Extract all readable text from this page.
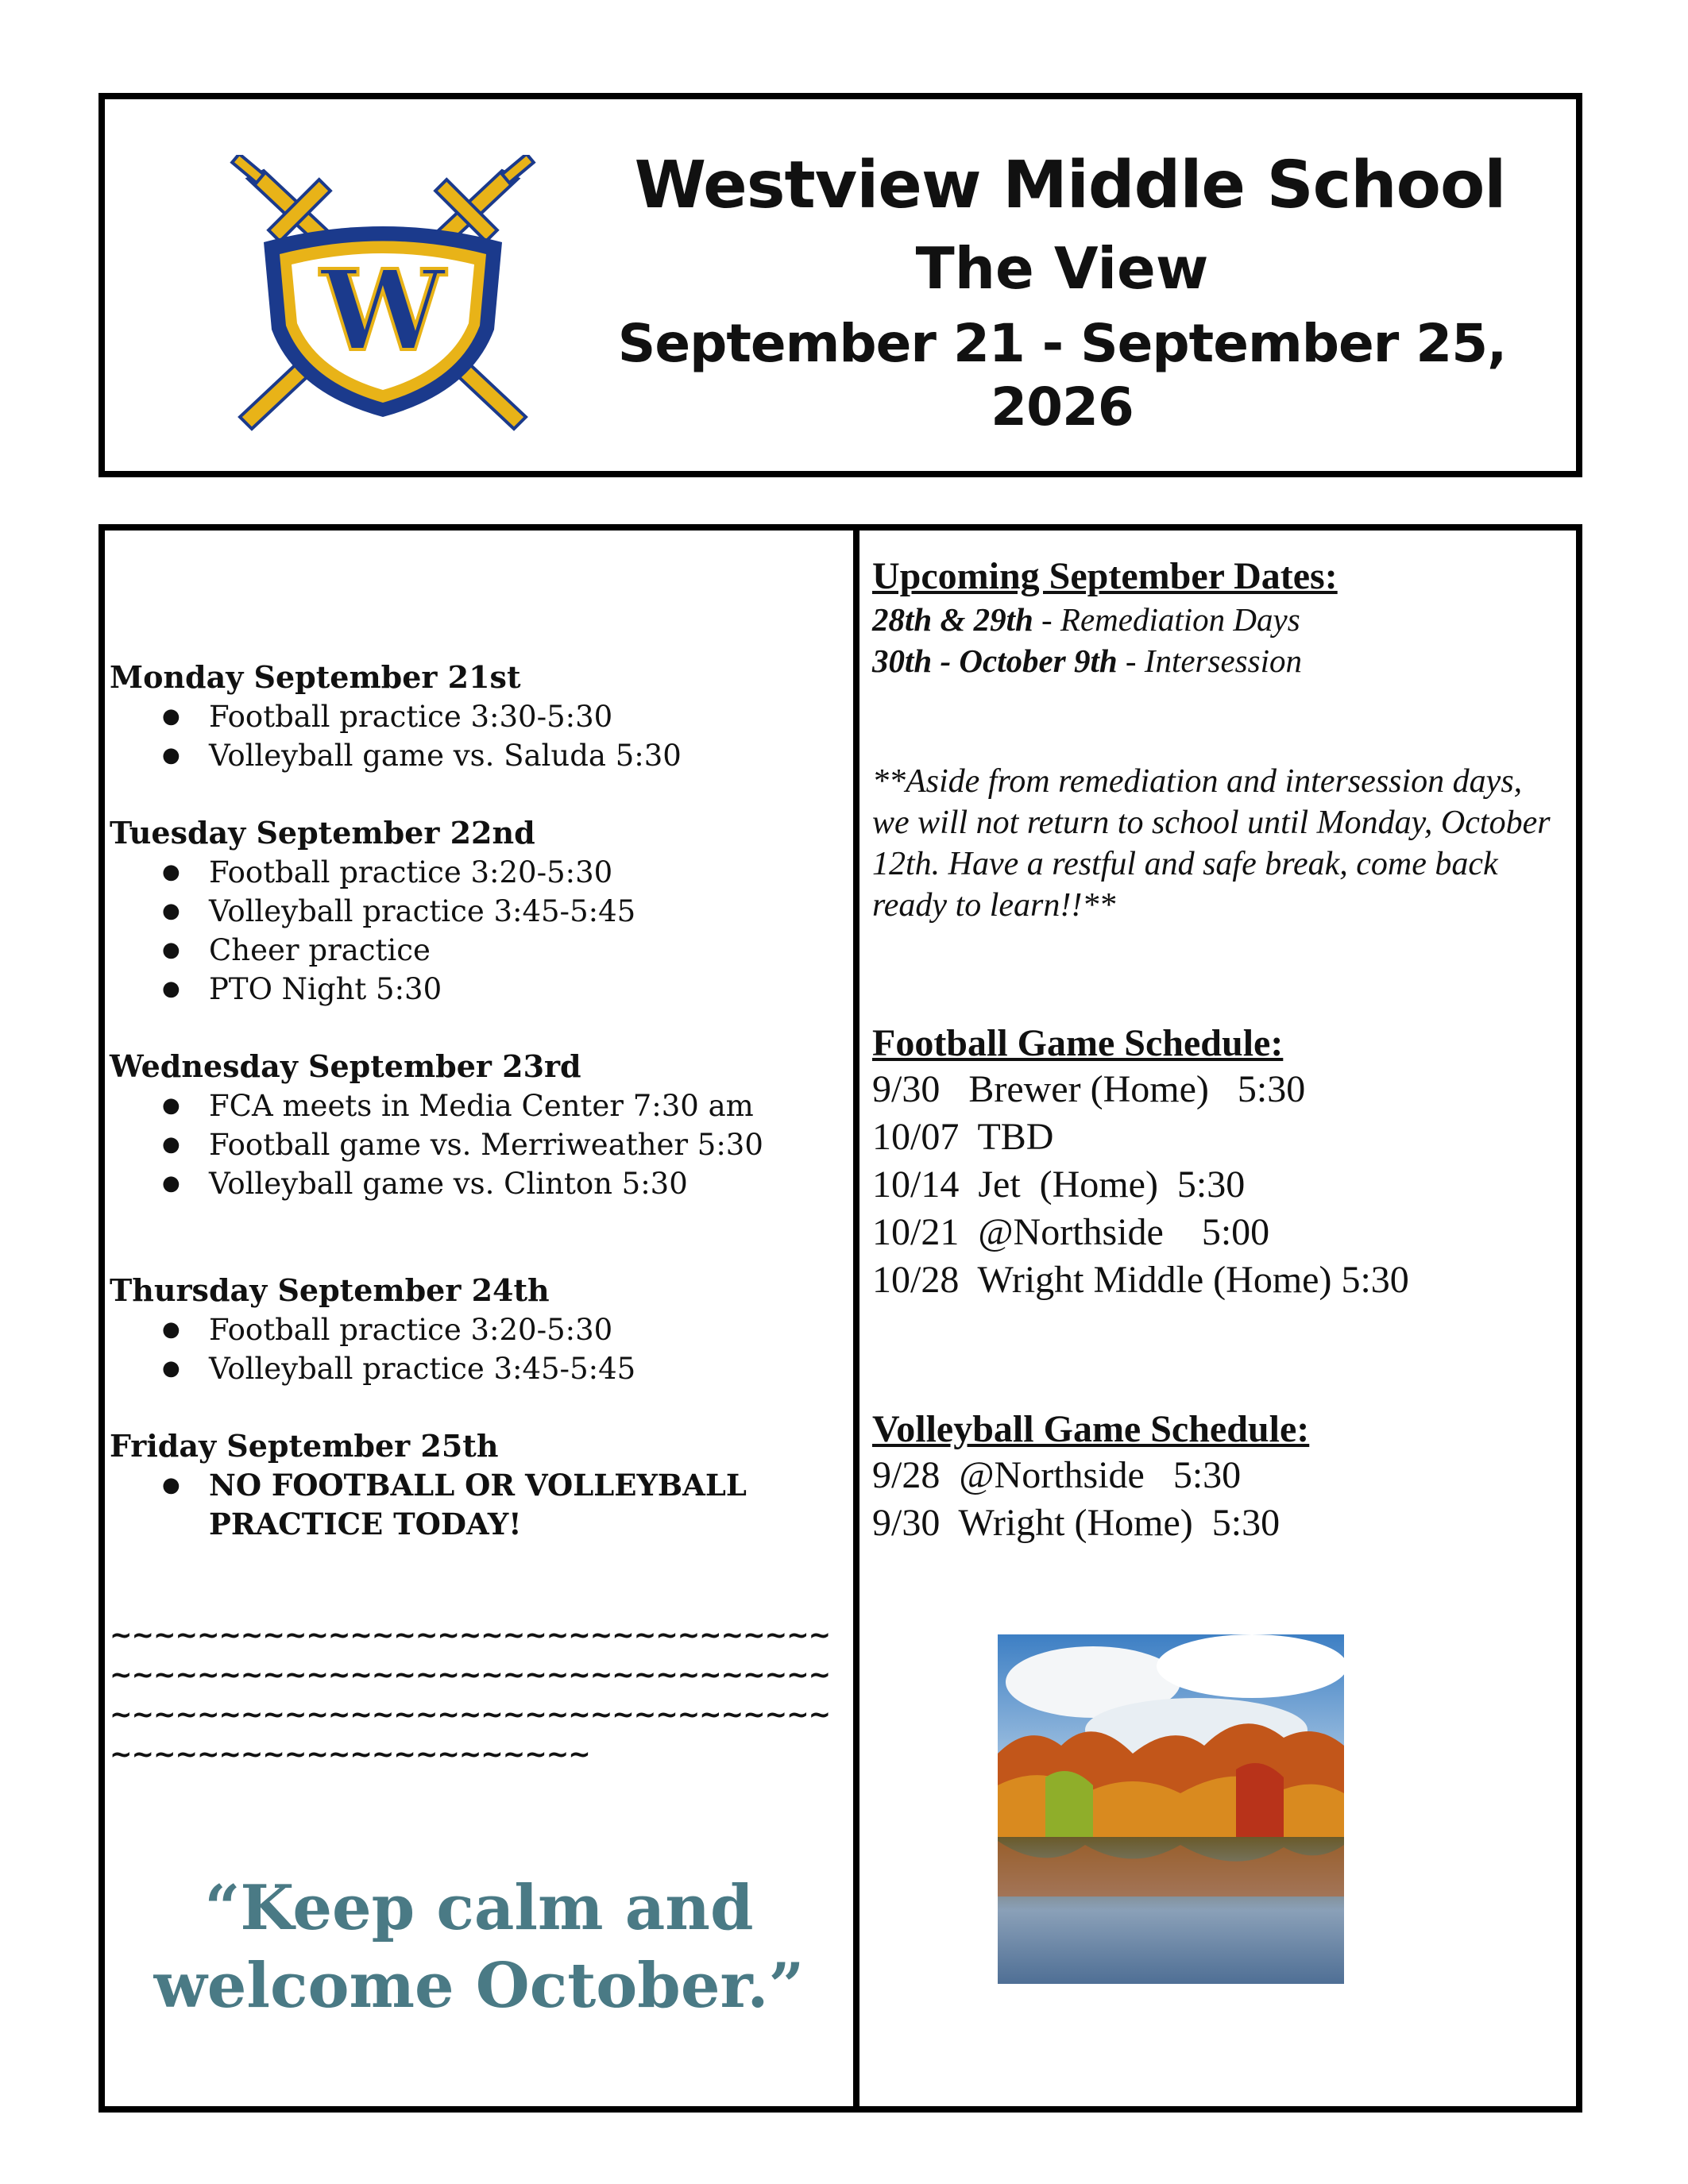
W
Westview Middle School
The View
September 21 - September 25, 2026

Monday September 21st

● Football practice 3:30-5:30
● Volleyball game vs. Saluda 5:30

Tuesday September 22nd

● Football practice 3:20-5:30
● Volleyball practice 3:45-5:45
● Cheer practice
● PTO Night 5:30

Wednesday September 23rd

● FCA meets in Media Center 7:30 am
● Football game vs. Merriweather 5:30
● Volleyball game vs. Clinton 5:30

Thursday September 24th

● Football practice 3:20-5:30
● Volleyball practice 3:45-5:45

Friday September 25th

● NO FOOTBALL OR VOLLEYBALL PRACTICE TODAY!
~~~~~~~~~~~~~~~~~~~~~~~~~~~~~~~~~~~~~~~~~~~~~~~~~~~~~~~~~~~~~~~~~~~~~~~~~~~~~~~~~~~~~~~~~~~~~~~~~~~~~~~~~~~~~~~~~~~~~~~~~
“Keep calm and welcome October.”

Upcoming September Dates:

28th & 29th - Remediation Days
30th - October 9th - Intersession
**Aside from remediation and intersession days, we will not return to school until Monday, October 12th. Have a restful and safe break, come back ready to learn!!**

Football Game Schedule:

9/30   Brewer (Home)   5:30
10/07  TBD
10/14  Jet  (Home)  5:30
10/21  @Northside    5:00
10/28  Wright Middle (Home) 5:30

Volleyball Game Schedule:

9/28  @Northside   5:30
9/30  Wright (Home)  5:30
